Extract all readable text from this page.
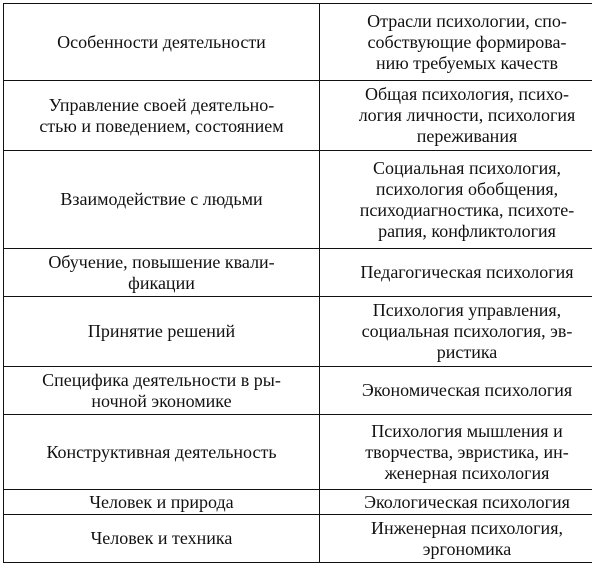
Особенности деятельности	Отрасли психологии, спо-
собствующие формирова-
нию требуемых качеств

Управление своей деятельно-
стью и поведением, состоянием	Общая психология, психо-
логия личности, психология
переживания

Взаимодействие с людьми	Социальная психология,
психология обобщения,
психодиагностика, психоте-
рапия, конфликтология

Обучение, повышение квали-
фикации	Педагогическая психология

Принятие решений	Психология управления,
социальная психология, эв-
ристика

Специфика деятельности в ры-
ночной экономике	Экономическая психология

Конструктивная деятельность	Психология мышления и
творчества, эвристика, ин-
женерная психология

Человек и природа	Экологическая психология

Человек и техника	Инженерная психология,
эргономика
